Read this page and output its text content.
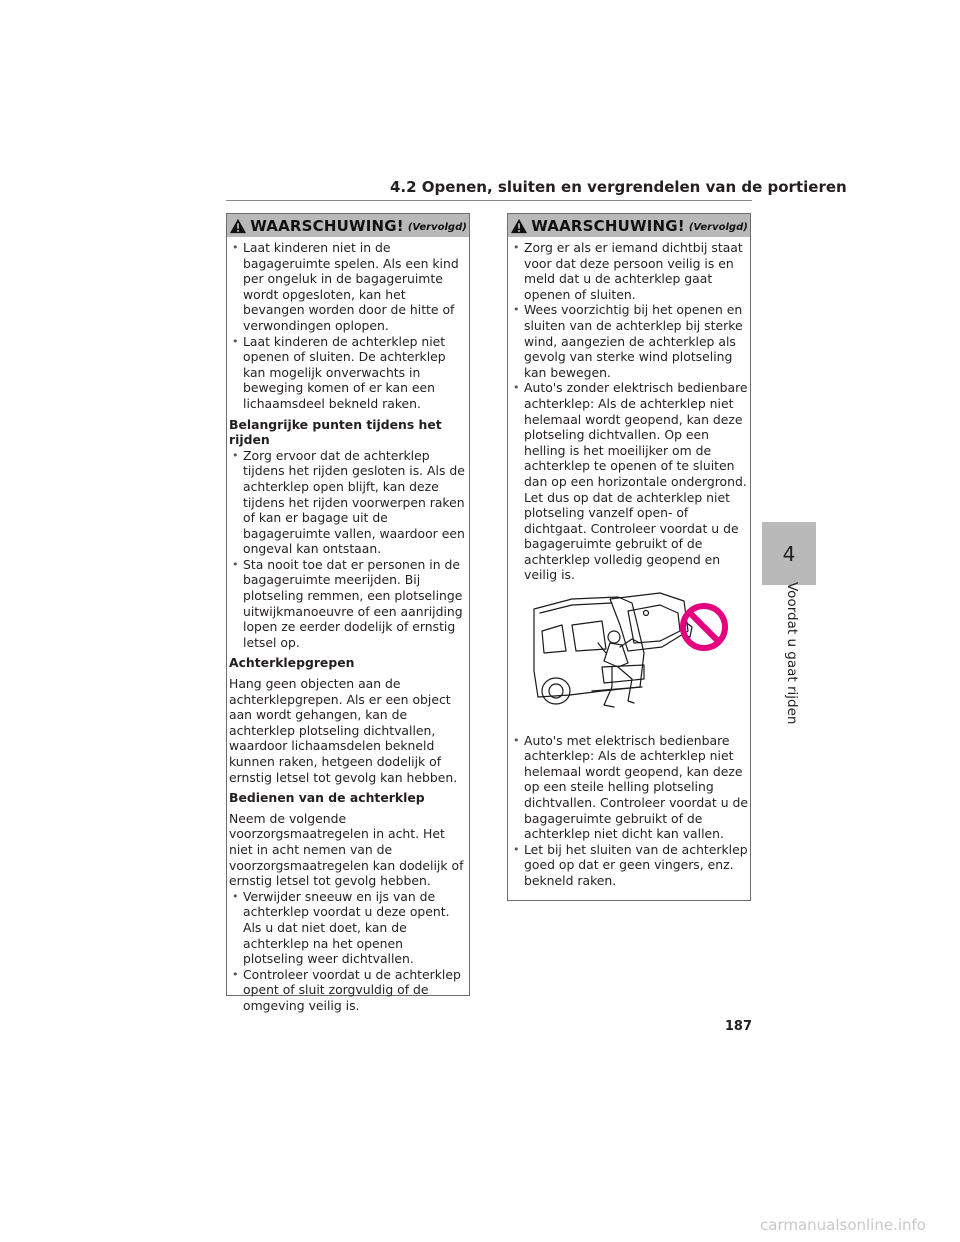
4.2 Openen, sluiten en vergrendelen van de portieren
WAARSCHUWING! (Vervolgd)
• Laat kinderen niet in de bagageruimte spelen. Als een kind per ongeluk in de bagageruimte wordt opgesloten, kan het bevangen worden door de hitte of verwondingen oplopen.
• Laat kinderen de achterklep niet openen of sluiten. De achterklep kan mogelijk onverwachts in beweging komen of er kan een lichaamsdeel bekneld raken.
Belangrijke punten tijdens het rijden
• Zorg ervoor dat de achterklep tijdens het rijden gesloten is. Als de achterklep open blijft, kan deze tijdens het rijden voorwerpen raken of kan er bagage uit de bagageruimte vallen, waardoor een ongeval kan ontstaan.
• Sta nooit toe dat er personen in de bagageruimte meerijden. Bij plotseling remmen, een plotselinge uitwijkmanoeuvre of een aanrijding lopen ze eerder dodelijk of ernstig letsel op.
Achterklepgrepen
Hang geen objecten aan de achterklepgrepen. Als er een object aan wordt gehangen, kan de achterklep plotseling dichtvallen, waardoor lichaamsdelen bekneld kunnen raken, hetgeen dodelijk of ernstig letsel tot gevolg kan hebben.
Bedienen van de achterklep
Neem de volgende voorzorgsmaatregelen in acht. Het niet in acht nemen van de voorzorgsmaatregelen kan dodelijk of ernstig letsel tot gevolg hebben.
• Verwijder sneeuw en ijs van de achterklep voordat u deze opent. Als u dat niet doet, kan de achterklep na het openen plotseling weer dichtvallen.
• Controleer voordat u de achterklep opent of sluit zorgvuldig of de omgeving veilig is.
WAARSCHUWING! (Vervolgd)
• Zorg er als er iemand dichtbij staat voor dat deze persoon veilig is en meld dat u de achterklep gaat openen of sluiten.
• Wees voorzichtig bij het openen en sluiten van de achterklep bij sterke wind, aangezien de achterklep als gevolg van sterke wind plotseling kan bewegen.
• Auto's zonder elektrisch bedienbare achterklep: Als de achterklep niet helemaal wordt geopend, kan deze plotseling dichtvallen. Op een helling is het moeilijker om de achterklep te openen of te sluiten dan op een horizontale ondergrond. Let dus op dat de achterklep niet plotseling vanzelf open- of dichtgaat. Controleer voordat u de bagageruimte gebruikt of de achterklep volledig geopend en veilig is.
• Auto's met elektrisch bedienbare achterklep: Als de achterklep niet helemaal wordt geopend, kan deze op een steile helling plotseling dichtvallen. Controleer voordat u de bagageruimte gebruikt of de achterklep niet dicht kan vallen.
• Let bij het sluiten van de achterklep goed op dat er geen vingers, enz. bekneld raken.
4
Voordat u gaat rijden
187
carmanualsonline.info
